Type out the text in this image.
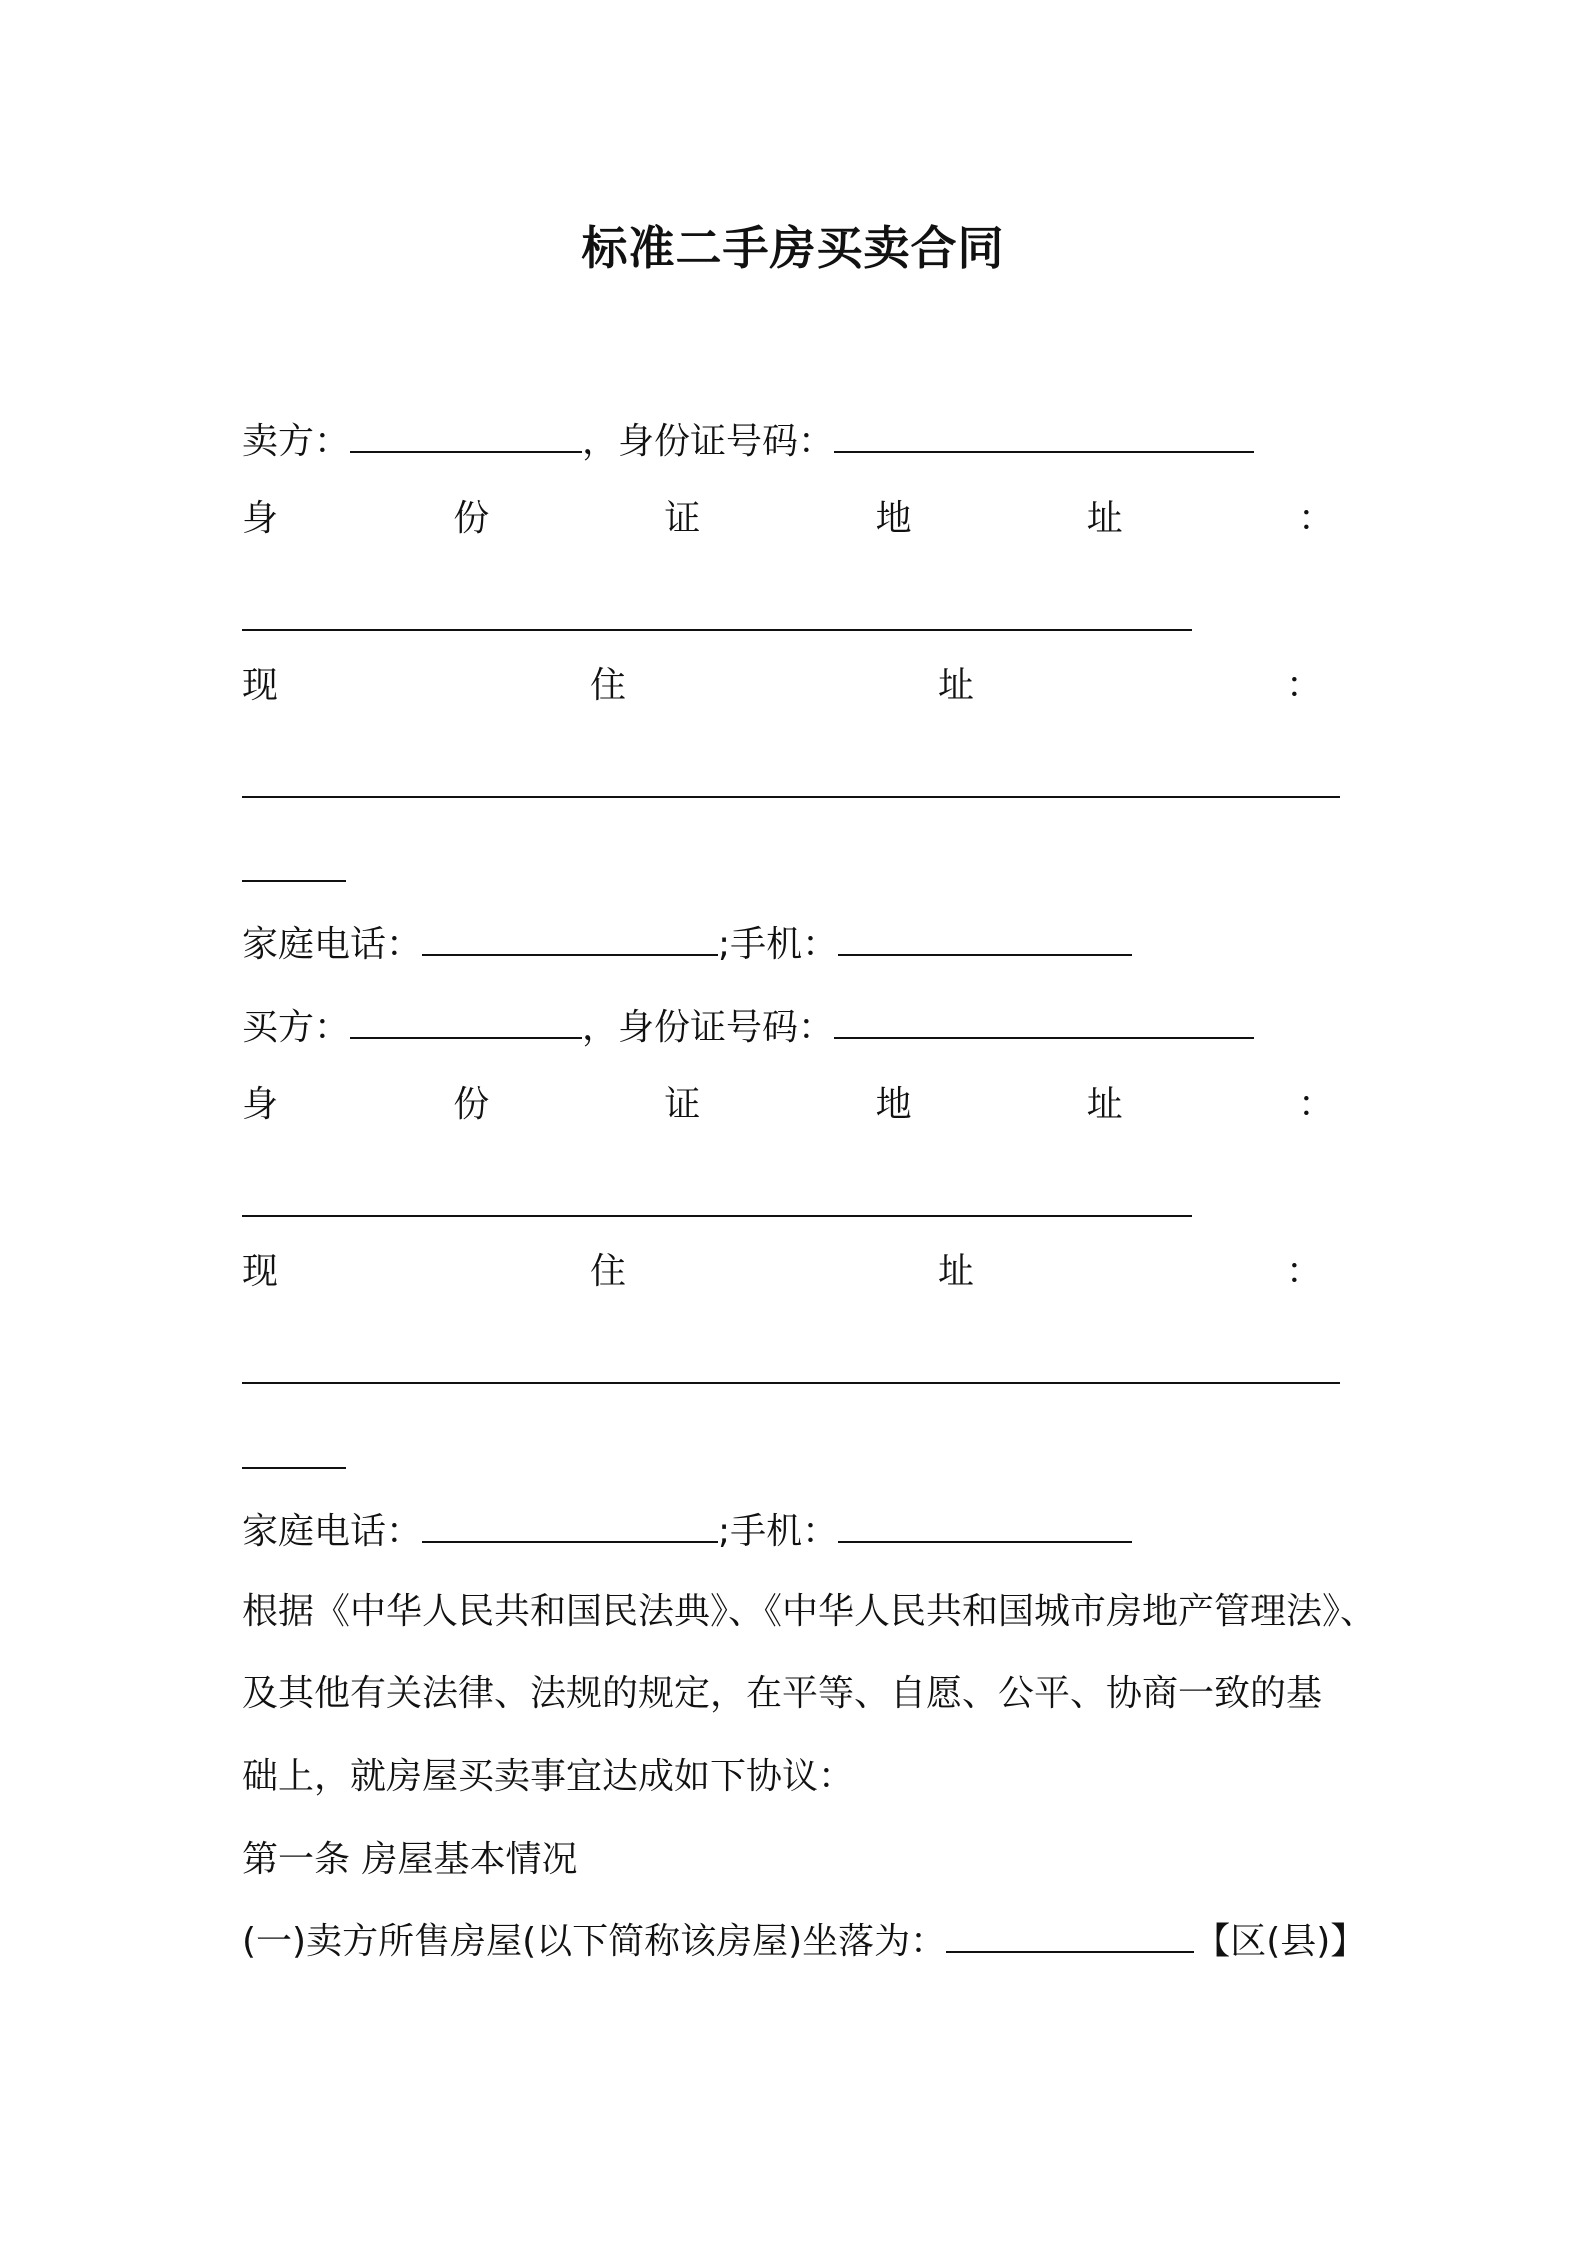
标准二手房买卖合同
卖方：	，身份证号码：
身	份	证	地	址	：
现	住	址	：
家庭电话：	;手机：
买方：	，身份证号码：
身	份	证	地	址	：
现	住	址	：
家庭电话：	;手机：
根据《中华人民共和国民法典》、《中华人民共和国城市房地产管理法》、
及其他有关法律、法规的规定，在平等、自愿、公平、协商一致的基
础上，就房屋买卖事宜达成如下协议：
第一条 房屋基本情况
(一)卖方所售房屋(以下简称该房屋)坐落为：	【区(县)】
